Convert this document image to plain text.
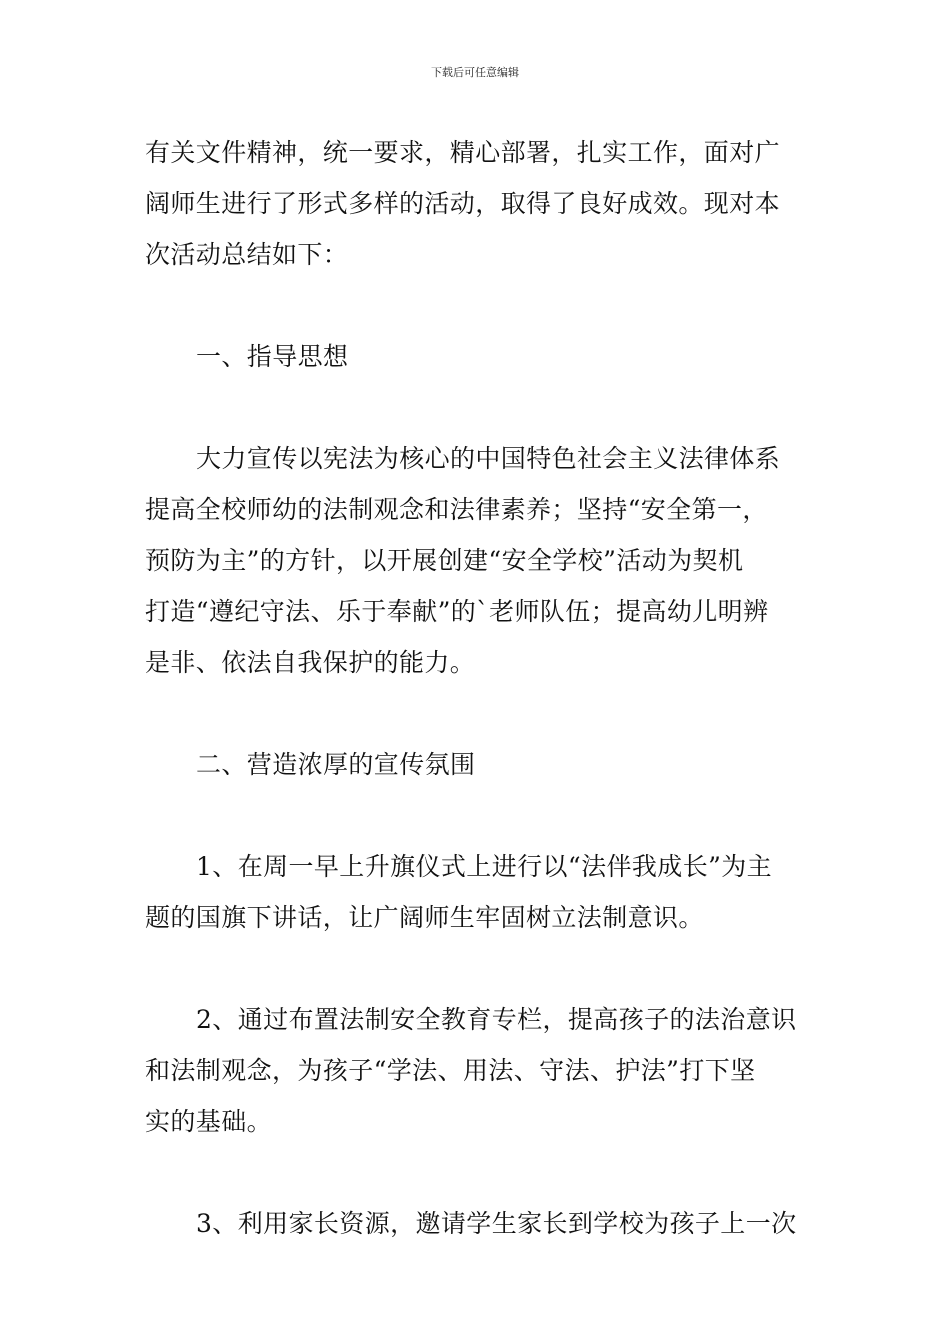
下载后可任意编辑
有关文件精神，统一要求，精心部署，扎实工作，面对广
阔师生进行了形式多样的活动，取得了良好成效。现对本
次活动总结如下：
一、指导思想
大力宣传以宪法为核心的中国特色社会主义法律体系
提高全校师幼的法制观念和法律素养；坚持“安全第一，
预防为主”的方针，以开展创建“安全学校”活动为契机
打造“遵纪守法、乐于奉献”的`老师队伍；提高幼儿明辨
是非、依法自我保护的能力。
二、营造浓厚的宣传氛围
1、在周一早上升旗仪式上进行以“法伴我成长”为主
题的国旗下讲话，让广阔师生牢固树立法制意识。
2、通过布置法制安全教育专栏，提高孩子的法治意识
和法制观念，为孩子“学法、用法、守法、护法”打下坚
实的基础。
3、利用家长资源，邀请学生家长到学校为孩子上一次
